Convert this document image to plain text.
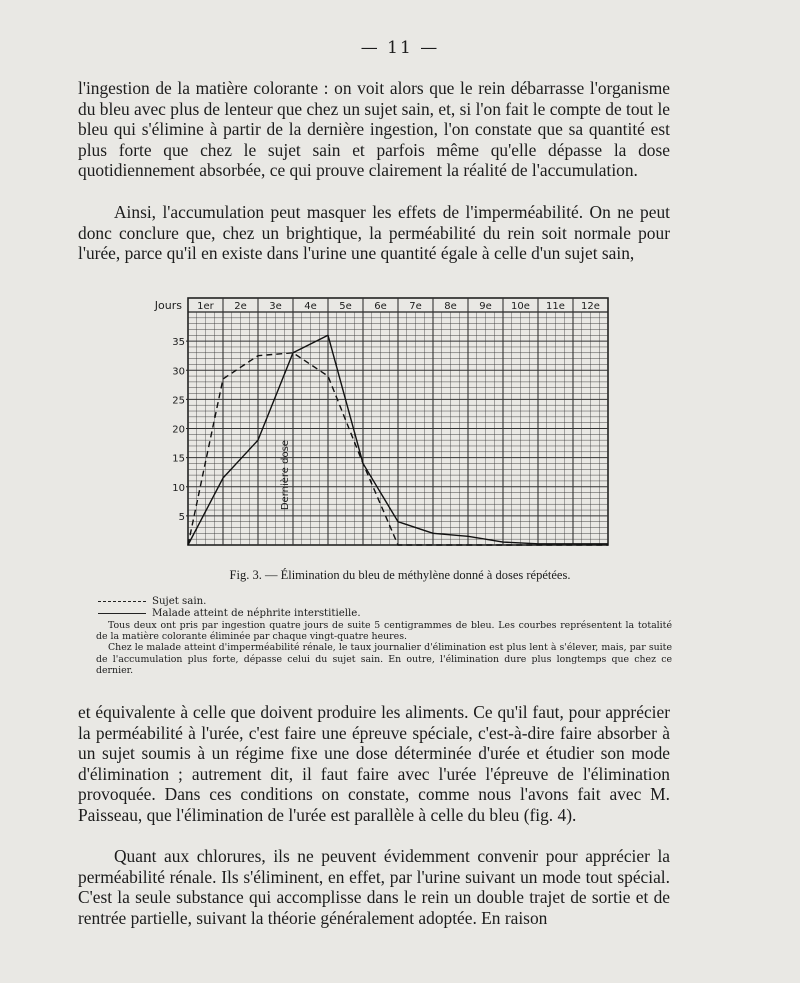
— 11 —

l'ingestion de la matière colorante : on voit alors que le rein débarrasse l'organisme du bleu avec plus de lenteur que chez un sujet sain, et, si l'on fait le compte de tout le bleu qui s'élimine à partir de la dernière ingestion, l'on constate que sa quantité est plus forte que chez le sujet sain et parfois même qu'elle dépasse la dose quotidiennement absorbée, ce qui prouve clairement la réalité de l'accumulation.

Ainsi, l'accumulation peut masquer les effets de l'imperméabilité. On ne peut donc conclure que, chez un brightique, la perméabilité du rein soit normale pour l'urée, parce qu'il en existe dans l'urine une quantité égale à celle d'un sujet sain,

Jours 1er 2e 3e 4e 5e 6e 7e 8e 9e 10e 11e 12e
5
10
15
20
25
30
35
Dernière dose

Fig. 3. — Élimination du bleu de méthylène donné à doses répétées.

Sujet sain.
Malade atteint de néphrite interstitielle.

Tous deux ont pris par ingestion quatre jours de suite 5 centigrammes de bleu. Les courbes représentent la totalité de la matière colorante éliminée par chaque vingt-quatre heures.

Chez le malade atteint d'imperméabilité rénale, le taux journalier d'élimination est plus lent à s'élever, mais, par suite de l'accumulation plus forte, dépasse celui du sujet sain. En outre, l'élimination dure plus longtemps que chez ce dernier.

et équivalente à celle que doivent produire les aliments. Ce qu'il faut, pour apprécier la perméabilité à l'urée, c'est faire une épreuve spéciale, c'est-à-dire faire absorber à un sujet soumis à un régime fixe une dose déterminée d'urée et étudier son mode d'élimination ; autrement dit, il faut faire avec l'urée l'épreuve de l'élimination provoquée. Dans ces conditions on constate, comme nous l'avons fait avec M. Paisseau, que l'élimination de l'urée est parallèle à celle du bleu (fig. 4).

Quant aux chlorures, ils ne peuvent évidemment convenir pour apprécier la perméabilité rénale. Ils s'éliminent, en effet, par l'urine suivant un mode tout spécial. C'est la seule substance qui accomplisse dans le rein un double trajet de sortie et de rentrée partielle, suivant la théorie généralement adoptée. En raison
